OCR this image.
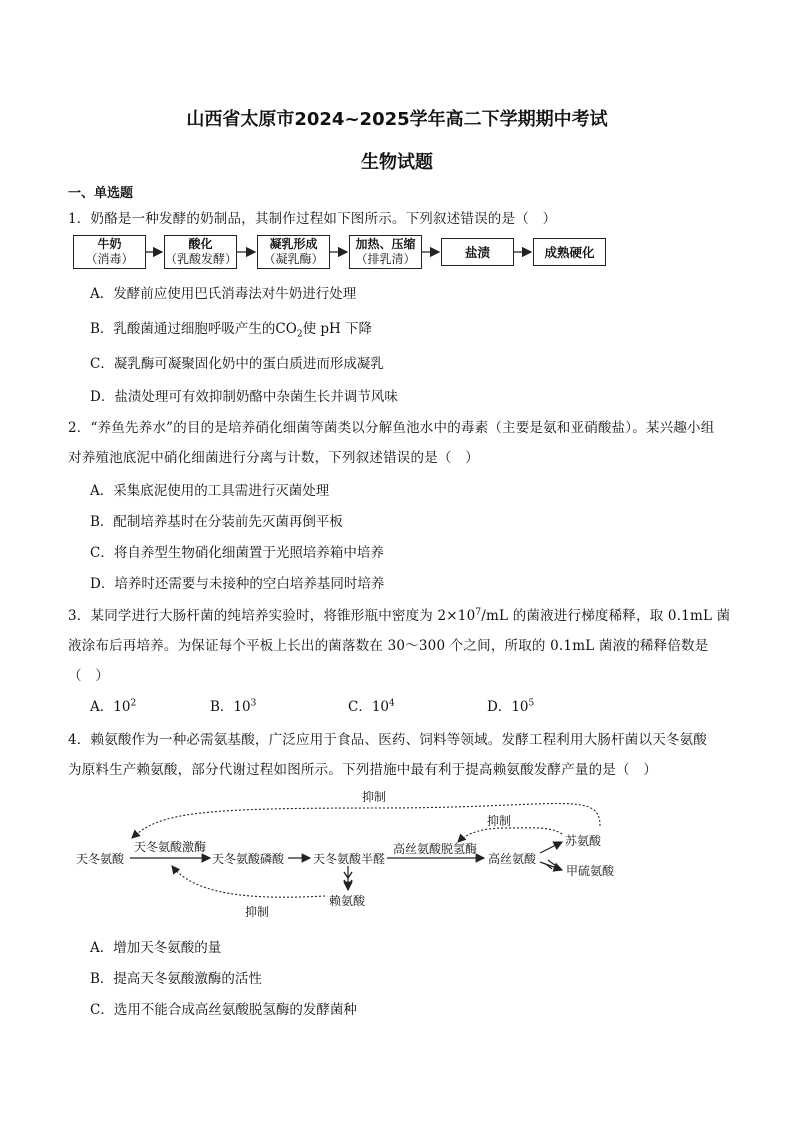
山西省太原市2024~2025学年高二下学期期中考试
生物试题
一、单选题
1．奶酪是一种发酵的奶制品，其制作过程如下图所示。下列叙述错误的是（　）
牛奶
（消毒）
酸化
（乳酸发酵）
凝乳形成
（凝乳酶）
加热、压缩
（排乳清）	盐渍	成熟硬化
A．发酵前应使用巴氏消毒法对牛奶进行处理
B．乳酸菌通过细胞呼吸产生的$CO_2$使 pH 下降
C．凝乳酶可凝聚固化奶中的蛋白质进而形成凝乳
D．盐渍处理可有效抑制奶酪中杂菌生长并调节风味
2．“养鱼先养水”的目的是培养硝化细菌等菌类以分解鱼池水中的毒素（主要是氨和亚硝酸盐）。某兴趣小组
对养殖池底泥中硝化细菌进行分离与计数，下列叙述错误的是（　）
A．采集底泥使用的工具需进行灭菌处理
B．配制培养基时在分装前先灭菌再倒平板
C．将自养型生物硝化细菌置于光照培养箱中培养
D．培养时还需要与未接种的空白培养基同时培养
3．某同学进行大肠杆菌的纯培养实验时，将锥形瓶中密度为 $2\times 10^7/mL$ 的菌液进行梯度稀释，取 0.1mL 菌
液涂布后再培养。为保证每个平板上长出的菌落数在 30～300 个之间，所取的 0.1mL 菌液的稀释倍数是
（　）
A．$10^2$	B．$10^3$	C．$10^4$	D．$10^5$
4．赖氨酸作为一种必需氨基酸，广泛应用于食品、医药、饲料等领域。发酵工程利用大肠杆菌以天冬氨酸
为原料生产赖氨酸，部分代谢过程如图所示。下列措施中最有利于提高赖氨酸发酵产量的是（　）
抑制
抑制
抑制
天冬氨酸激酶	高丝氨酸脱氢酶
天冬氨酸	天冬氨酸磷酸 天冬氨酸半醛	高丝氨酸
赖氨酸
苏氨酸
甲硫氨酸
A．增加天冬氨酸的量
B．提高天冬氨酸激酶的活性
C．选用不能合成高丝氨酸脱氢酶的发酵菌种
